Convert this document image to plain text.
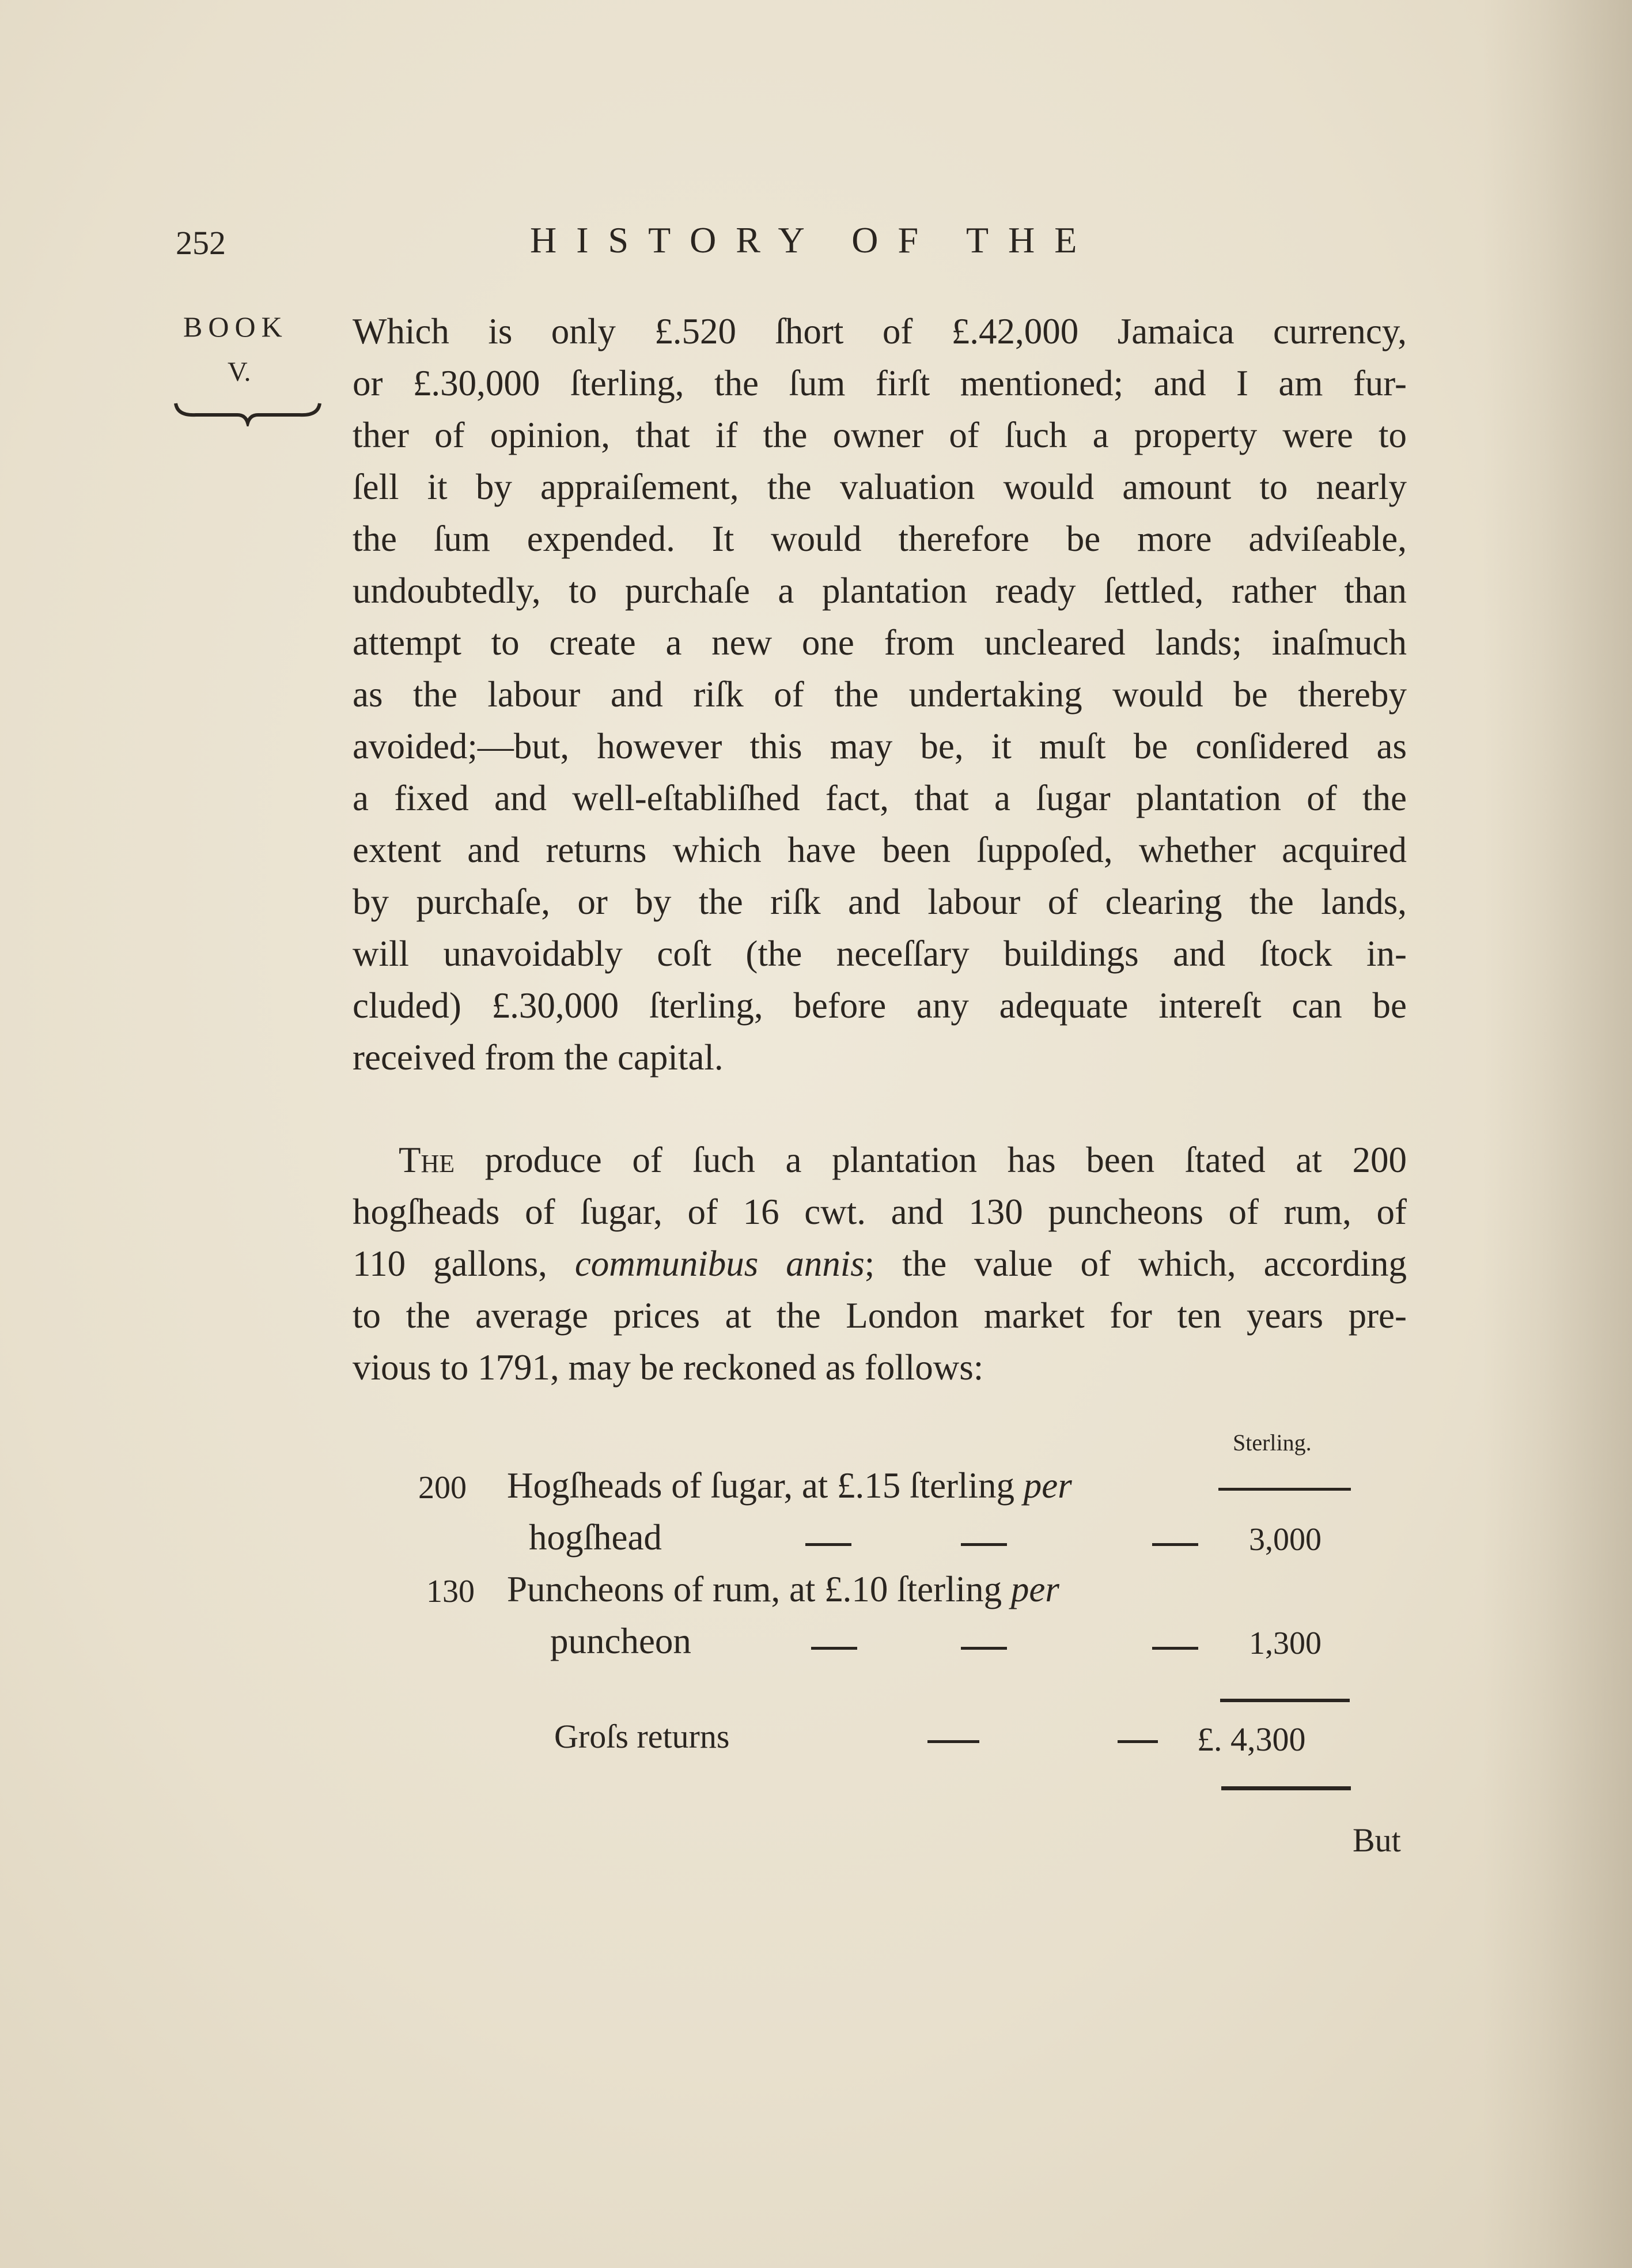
252	HISTORY OF THE
BOOK
V.
Which is only £.520 ſhort of £.42,000 Jamaica currency,
or £.30,000 ſterling, the ſum firſt mentioned; and I am fur-
ther of opinion, that if the owner of ſuch a property were to
ſell it by appraiſement, the valuation would amount to nearly
the ſum expended. It would therefore be more adviſeable,
undoubtedly, to purchaſe a plantation ready ſettled, rather than
attempt to create a new one from uncleared lands; inaſmuch
as the labour and riſk of the undertaking would be thereby
avoided;—but, however this may be, it muſt be conſidered as
a fixed and well-eſtabliſhed fact, that a ſugar plantation of the
extent and returns which have been ſuppoſed, whether acquired
by purchaſe, or by the riſk and labour of clearing the lands,
will unavoidably coſt (the neceſſary buildings and ſtock in-
cluded) £.30,000 ſterling, before any adequate intereſt can be
received from the capital.
The produce of ſuch a plantation has been ſtated at 200
hogſheads of ſugar, of 16 cwt. and 130 puncheons of rum, of
110 gallons, communibus annis; the value of which, according
to the average prices at the London market for ten years pre-
vious to 1791, may be reckoned as follows:
Sterling.
200 Hogſheads of ſugar, at £.15 ſterling per
hogſhead	3,000
130 Puncheons of rum, at £.10 ſterling per
puncheon	1,300
Groſs returns	£. 4,300
But
